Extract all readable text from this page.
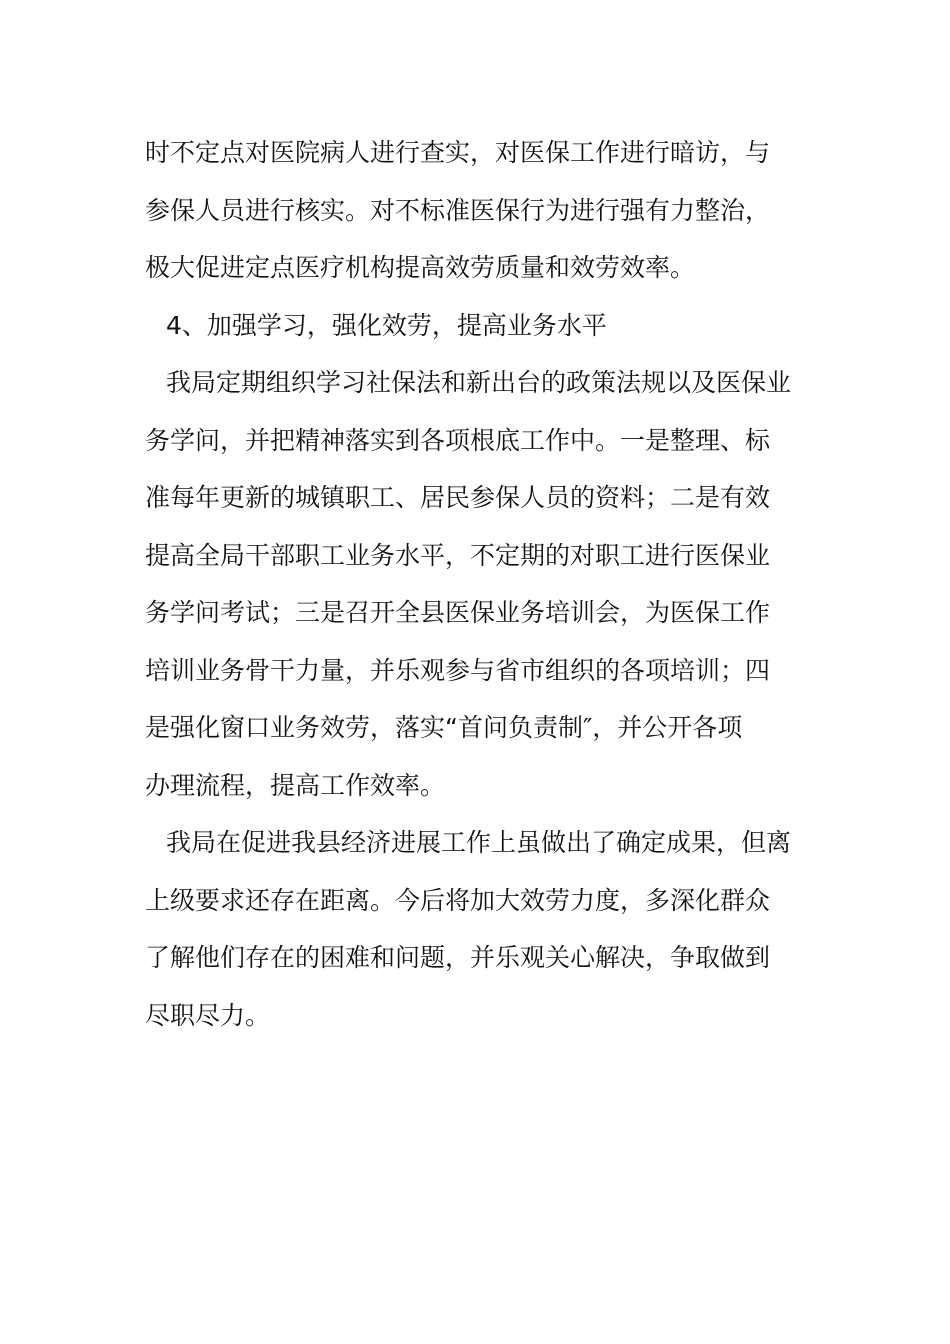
时不定点对医院病人进行查实，对医保工作进行暗访，与
参保人员进行核实。对不标准医保行为进行强有力整治，
极大促进定点医疗机构提高效劳质量和效劳效率。
4、加强学习，强化效劳，提高业务水平
我局定期组织学习社保法和新出台的政策法规以及医保业
务学问，并把精神落实到各项根底工作中。一是整理、标
准每年更新的城镇职工、居民参保人员的资料；二是有效
提高全局干部职工业务水平，不定期的对职工进行医保业
务学问考试；三是召开全县医保业务培训会，为医保工作
培训业务骨干力量，并乐观参与省市组织的各项培训；四
是强化窗口业务效劳，落实“首问负责制″，并公开各项
办理流程，提高工作效率。
我局在促进我县经济进展工作上虽做出了确定成果，但离
上级要求还存在距离。今后将加大效劳力度，多深化群众
了解他们存在的困难和问题，并乐观关心解决，争取做到
尽职尽力。
